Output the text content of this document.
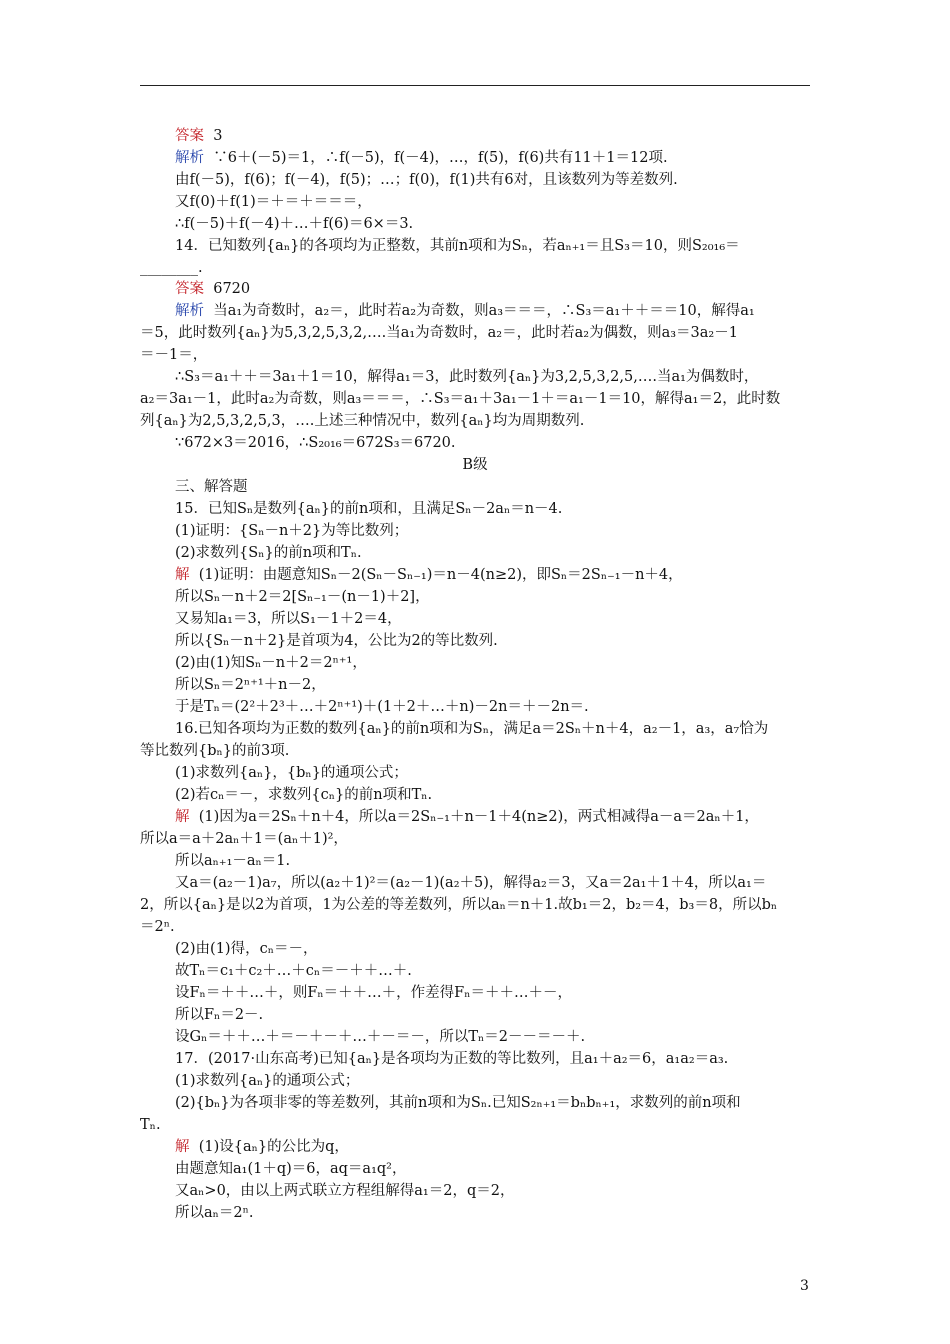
答案  3
解析  ∵6＋(－5)＝1，∴f(－5)，f(－4)，…，f(5)，f(6)共有11＋1＝12项.
由f(－5)，f(6)；f(－4)，f(5)；…；f(0)，f(1)共有6对，且该数列为等差数列.
又f(0)＋f(1)＝＋＝＋＝＝＝，
∴f(－5)＋f(－4)＋…＋f(6)＝6×＝3.
14．已知数列{aₙ}的各项均为正整数，其前n项和为Sₙ，若aₙ₊₁＝且S₃＝10，则S₂₀₁₆＝
________.
答案  6720
解析  当a₁为奇数时，a₂＝，此时若a₂为奇数，则a₃＝＝＝，∴S₃＝a₁＋＋＝＝10，解得a₁
＝5，此时数列{aₙ}为5,3,2,5,3,2,….当a₁为奇数时，a₂＝，此时若a₂为偶数，则a₃＝3a₂－1
＝－1＝，
∴S₃＝a₁＋＋＝3a₁＋1＝10，解得a₁＝3，此时数列{aₙ}为3,2,5,3,2,5,….当a₁为偶数时，
a₂＝3a₁－1，此时a₂为奇数，则a₃＝＝＝，∴S₃＝a₁＋3a₁－1＋＝a₁－1＝10，解得a₁＝2，此时数
列{aₙ}为2,5,3,2,5,3，….上述三种情况中，数列{aₙ}均为周期数列.
∵672×3＝2016，∴S₂₀₁₆＝672S₃＝6720.
B级
三、解答题
15．已知Sₙ是数列{aₙ}的前n项和，且满足Sₙ－2aₙ＝n－4.
(1)证明：{Sₙ－n＋2}为等比数列；
(2)求数列{Sₙ}的前n项和Tₙ.
解  (1)证明：由题意知Sₙ－2(Sₙ－Sₙ₋₁)＝n－4(n≥2)，即Sₙ＝2Sₙ₋₁－n＋4，
所以Sₙ－n＋2＝2[Sₙ₋₁－(n－1)＋2]，
又易知a₁＝3，所以S₁－1＋2＝4，
所以{Sₙ－n＋2}是首项为4，公比为2的等比数列.
(2)由(1)知Sₙ－n＋2＝2ⁿ⁺¹，
所以Sₙ＝2ⁿ⁺¹＋n－2，
于是Tₙ＝(2²＋2³＋…＋2ⁿ⁺¹)＋(1＋2＋…＋n)－2n＝＋－2n＝.
16.已知各项均为正数的数列{aₙ}的前n项和为Sₙ，满足a＝2Sₙ＋n＋4，a₂－1，a₃，a₇恰为
等比数列{bₙ}的前3项.
(1)求数列{aₙ}，{bₙ}的通项公式；
(2)若cₙ＝－，求数列{cₙ}的前n项和Tₙ.
解  (1)因为a＝2Sₙ＋n＋4，所以a＝2Sₙ₋₁＋n－1＋4(n≥2)，两式相减得a－a＝2aₙ＋1，
所以a＝a＋2aₙ＋1＝(aₙ＋1)²，
所以aₙ₊₁－aₙ＝1.
又a＝(a₂－1)a₇，所以(a₂＋1)²＝(a₂－1)(a₂＋5)，解得a₂＝3，又a＝2a₁＋1＋4，所以a₁＝
2，所以{aₙ}是以2为首项，1为公差的等差数列，所以aₙ＝n＋1.故b₁＝2，b₂＝4，b₃＝8，所以bₙ
＝2ⁿ.
(2)由(1)得，cₙ＝－，
故Tₙ＝c₁＋c₂＋…＋cₙ＝－＋＋…＋.
设Fₙ＝＋＋…＋，则Fₙ＝＋＋…＋，作差得Fₙ＝＋＋…＋－，
所以Fₙ＝2－.
设Gₙ＝＋＋…＋＝－＋－＋…＋－＝－，所以Tₙ＝2－－＝－＋.
17．(2017·山东高考)已知{aₙ}是各项均为正数的等比数列，且a₁＋a₂＝6，a₁a₂＝a₃.
(1)求数列{aₙ}的通项公式；
(2){bₙ}为各项非零的等差数列，其前n项和为Sₙ.已知S₂ₙ₊₁＝bₙbₙ₊₁，求数列的前n项和
Tₙ.
解  (1)设{aₙ}的公比为q，
由题意知a₁(1＋q)＝6，aq＝a₁q²，
又aₙ>0，由以上两式联立方程组解得a₁＝2，q＝2，
所以aₙ＝2ⁿ.
3
